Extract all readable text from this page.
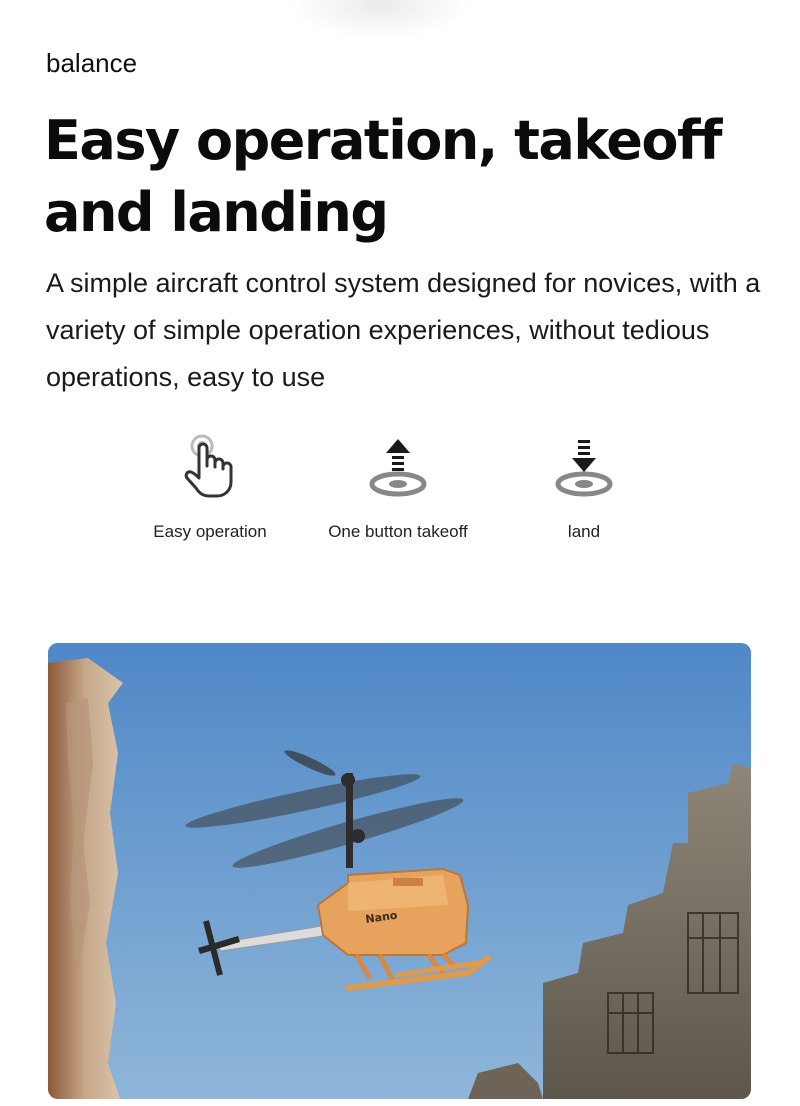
balance
Easy operation, takeoff and landing
A simple aircraft control system designed for novices, with a variety of simple operation experiences, without tedious operations, easy to use
Easy operation	One button takeoff	land
Nano
